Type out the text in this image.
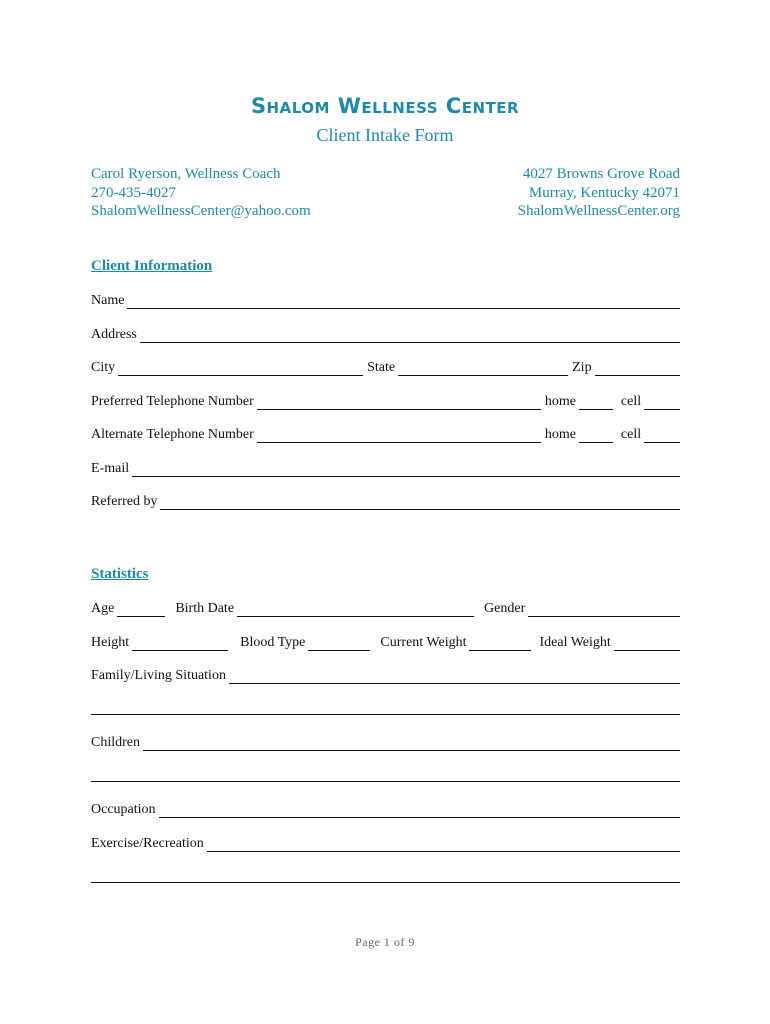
Shalom Wellness Center
Client Intake Form
Carol Ryerson, Wellness Coach
270-435-4027
ShalomWellnessCenter@yahoo.com
4027 Browns Grove Road
Murray, Kentucky 42071
ShalomWellnessCenter.org
Client Information
Name
Address
City	State	Zip
Preferred Telephone Number	home	cell
Alternate Telephone Number	home	cell
E-mail
Referred by
Statistics
Age	Birth Date	Gender
Height	Blood Type	Current Weight	Ideal Weight
Family/Living Situation
Children
Occupation
Exercise/Recreation
Page 1 of 9
